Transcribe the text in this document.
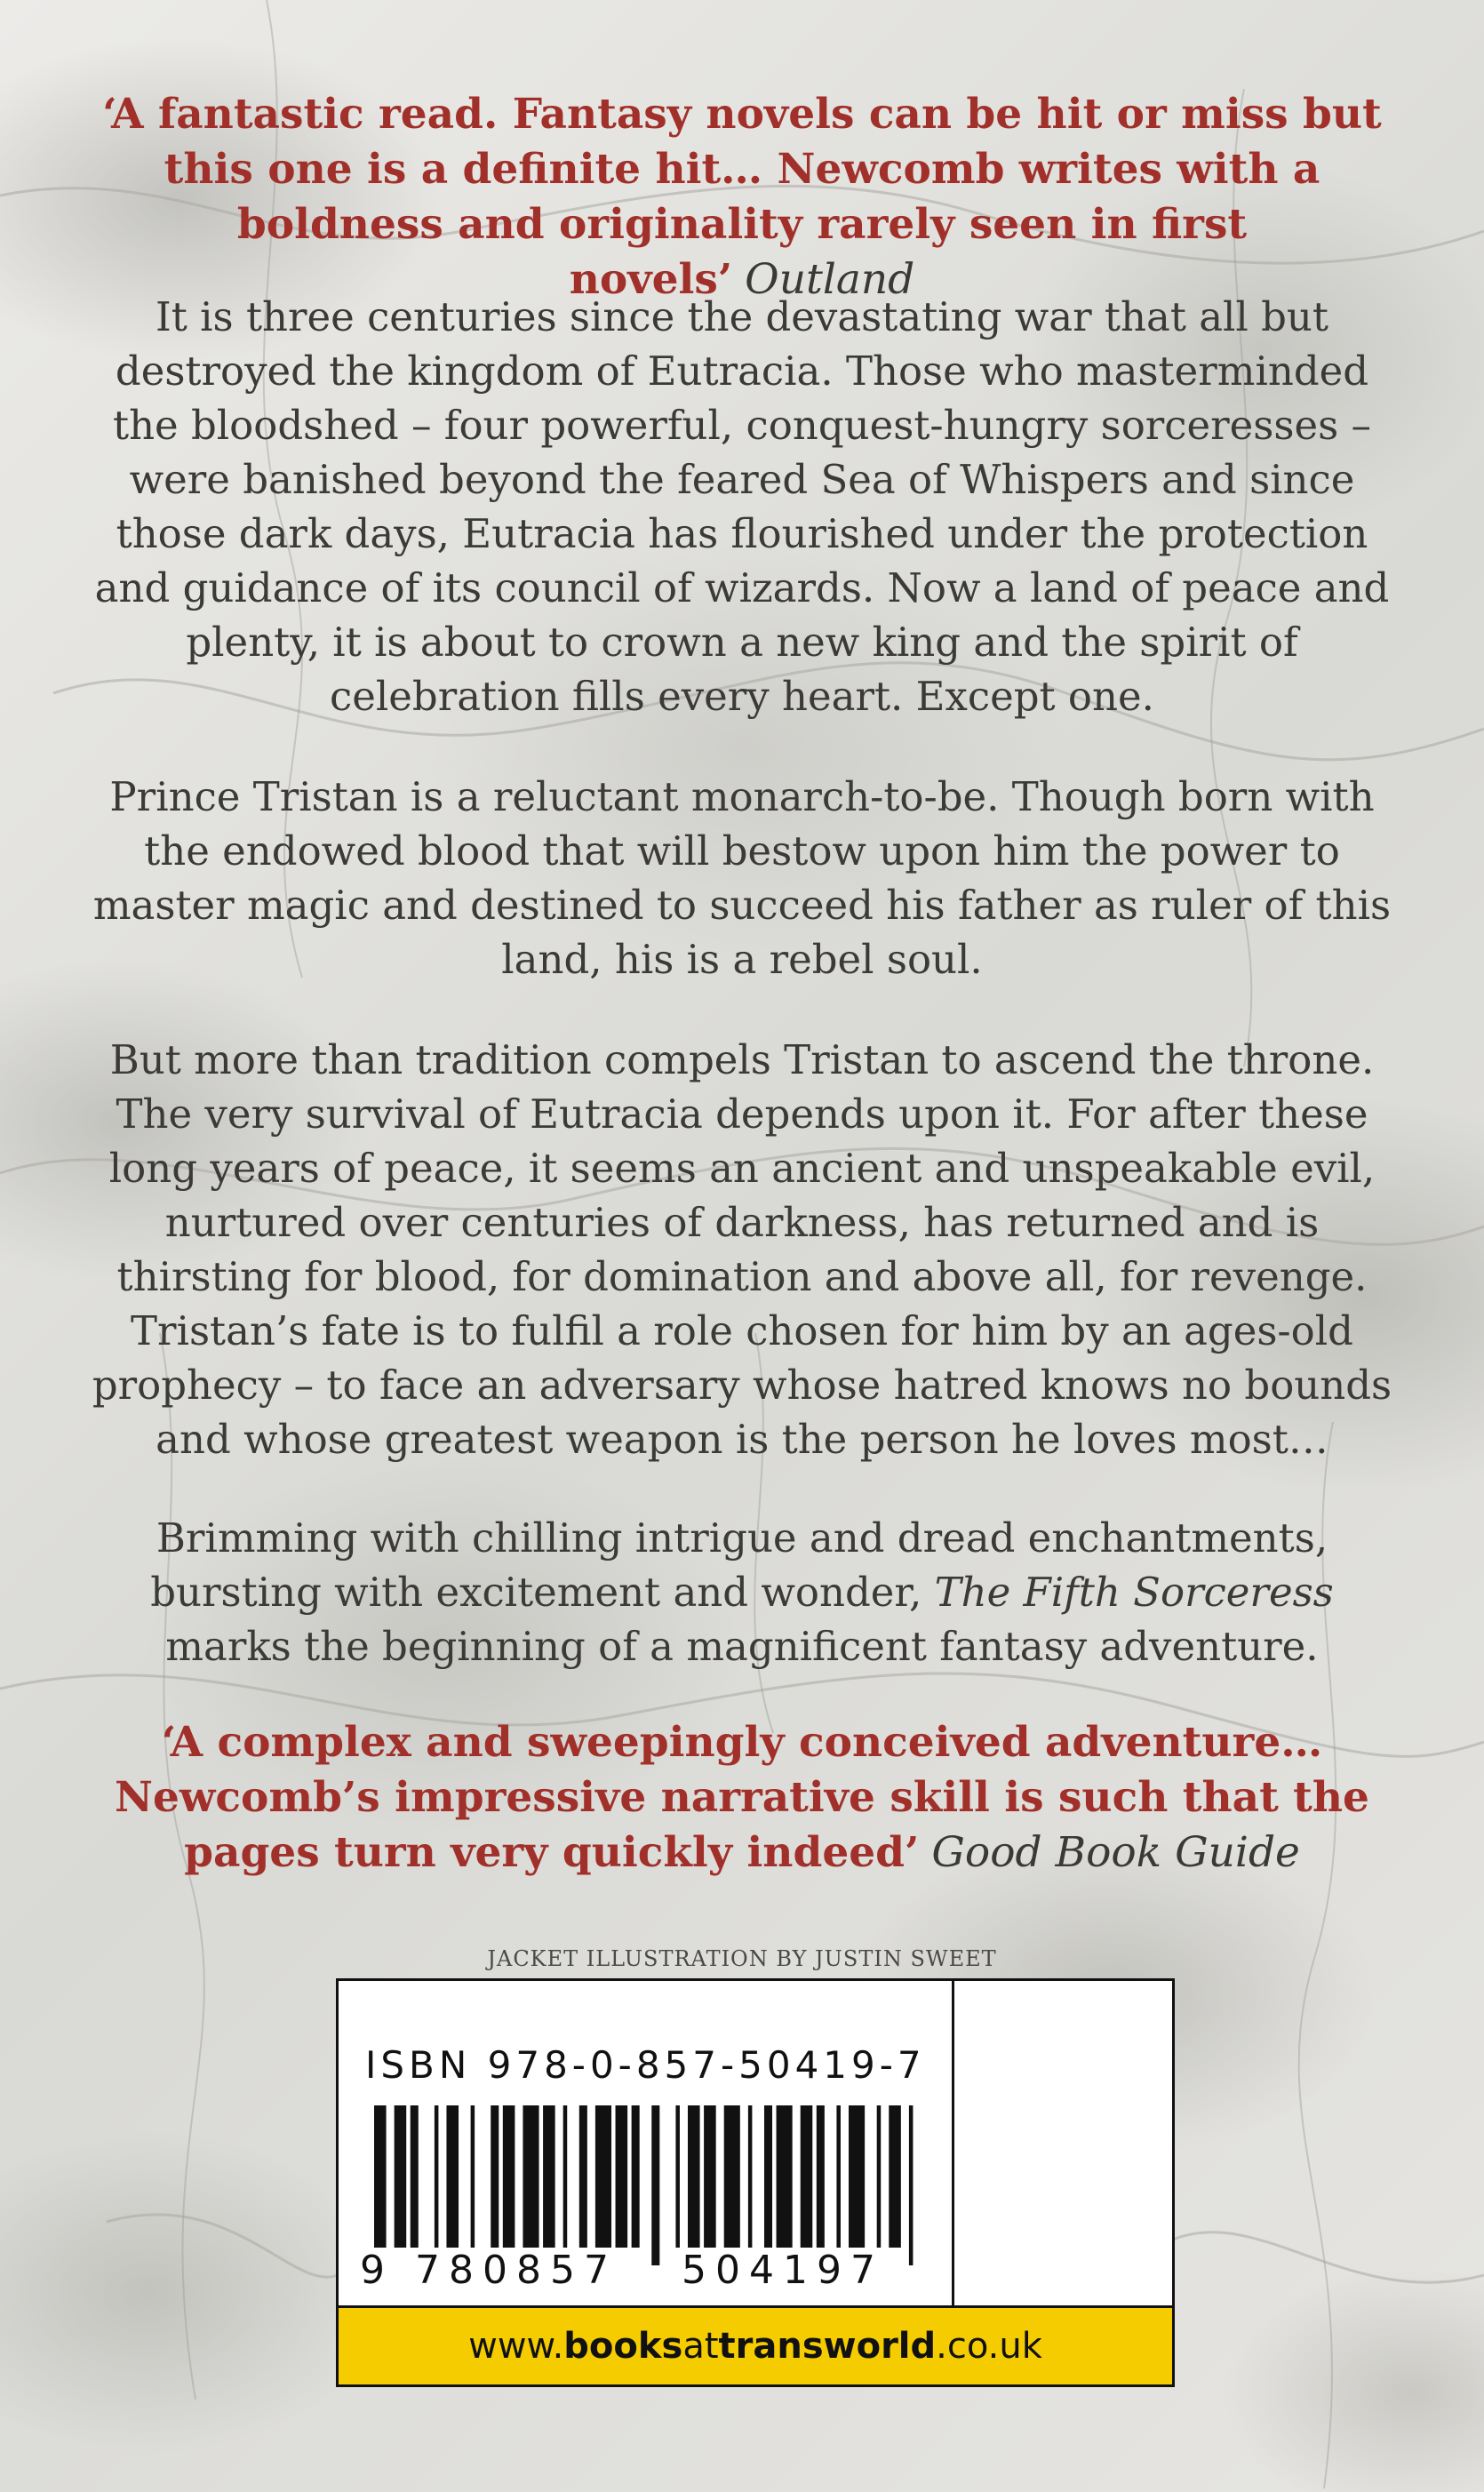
‘A fantastic read. Fantasy novels can be hit or miss but this one is a definite hit… Newcomb writes with a boldness and originality rarely seen in first novels’ Outland
It is three centuries since the devastating war that all but destroyed the kingdom of Eutracia. Those who masterminded the bloodshed – four powerful, conquest-hungry sorceresses – were banished beyond the feared Sea of Whispers and since those dark days, Eutracia has flourished under the protection and guidance of its council of wizards. Now a land of peace and plenty, it is about to crown a new king and the spirit of celebration fills every heart. Except one.
Prince Tristan is a reluctant monarch-to-be. Though born with the endowed blood that will bestow upon him the power to master magic and destined to succeed his father as ruler of this land, his is a rebel soul.
But more than tradition compels Tristan to ascend the throne. The very survival of Eutracia depends upon it. For after these long years of peace, it seems an ancient and unspeakable evil, nurtured over centuries of darkness, has returned and is thirsting for blood, for domination and above all, for revenge. Tristan’s fate is to fulfil a role chosen for him by an ages-old prophecy – to face an adversary whose hatred knows no bounds and whose greatest weapon is the person he loves most…
Brimming with chilling intrigue and dread enchantments, bursting with excitement and wonder, The Fifth Sorceress marks the beginning of a magnificent fantasy adventure.
‘A complex and sweepingly conceived adventure… Newcomb’s impressive narrative skill is such that the pages turn very quickly indeed’ Good Book Guide
JACKET ILLUSTRATION BY JUSTIN SWEET
ISBN 978-0-857-50419-7
9 780857 504197
www.booksattransworld.co.uk
